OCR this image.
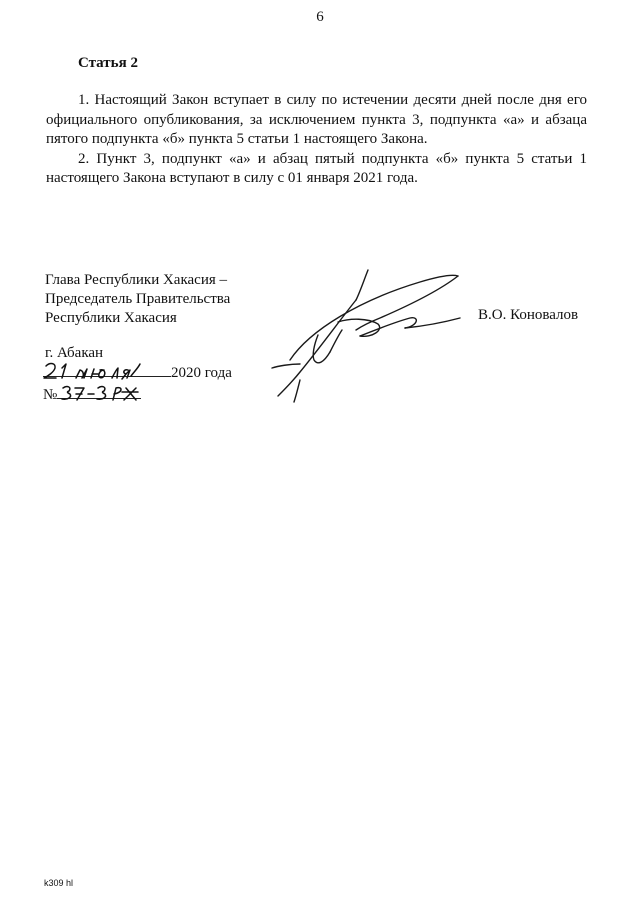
6
Статья 2

1. Настоящий Закон вступает в силу по истечении десяти дней после дня его официального опубликования, за исключением пункта 3, подпункта «а» и абзаца пятого подпункта «б» пункта 5 статьи 1 настоящего Закона.

2. Пункт 3, подпункт «а» и абзац пятый подпункта «б» пункта 5 статьи 1 настоящего Закона вступают в силу с 01 января 2021 года.

Глава Республики Хакасия –
Председатель Правительства
Республики Хакасия	В.О. Коновалов
г. Абакан
2020 года
№
k309 hl
